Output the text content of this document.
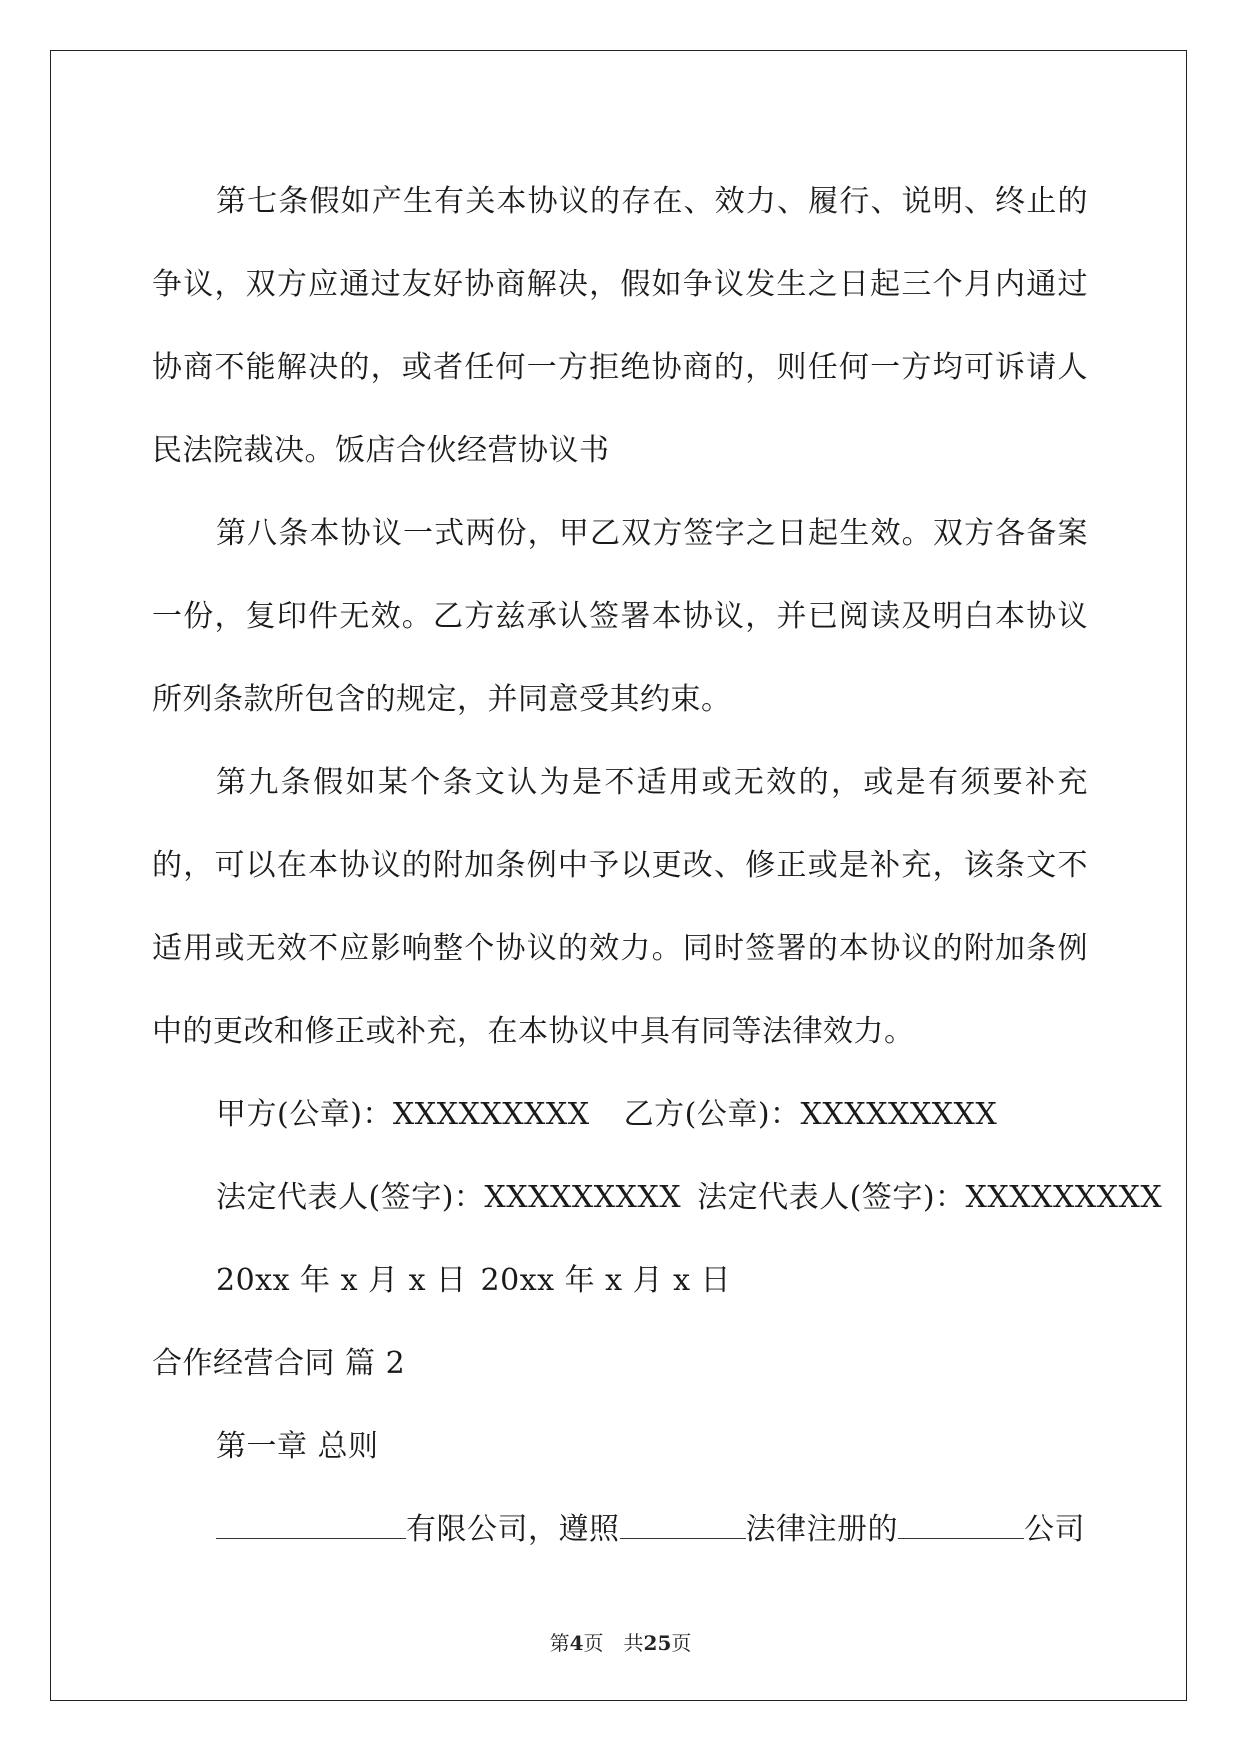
第七条假如产生有关本协议的存在、效力、履行、说明、终止的争议，双方应通过友好协商解决，假如争议发生之日起三个月内通过协商不能解决的，或者任何一方拒绝协商的，则任何一方均可诉请人民法院裁决。饭店合伙经营协议书

第八条本协议一式两份，甲乙双方签字之日起生效。双方各备案一份，复印件无效。乙方兹承认签署本协议，并已阅读及明白本协议所列条款所包含的规定，并同意受其约束。

第九条假如某个条文认为是不适用或无效的，或是有须要补充的，可以在本协议的附加条例中予以更改、修正或是补充，该条文不适用或无效不应影响整个协议的效力。同时签署的本协议的附加条例中的更改和修正或补充，在本协议中具有同等法律效力。

甲方(公章)：XXXXXXXXX 乙方(公章)：XXXXXXXXX

法定代表人(签字)：XXXXXXXXX 法定代表人(签字)：XXXXXXXXX

20xx 年 x 月 x 日 20xx 年 x 月 x 日

合作经营合同 篇 2

第一章 总则

有限公司，遵照	法律注册的	公司

第4页　共25页
